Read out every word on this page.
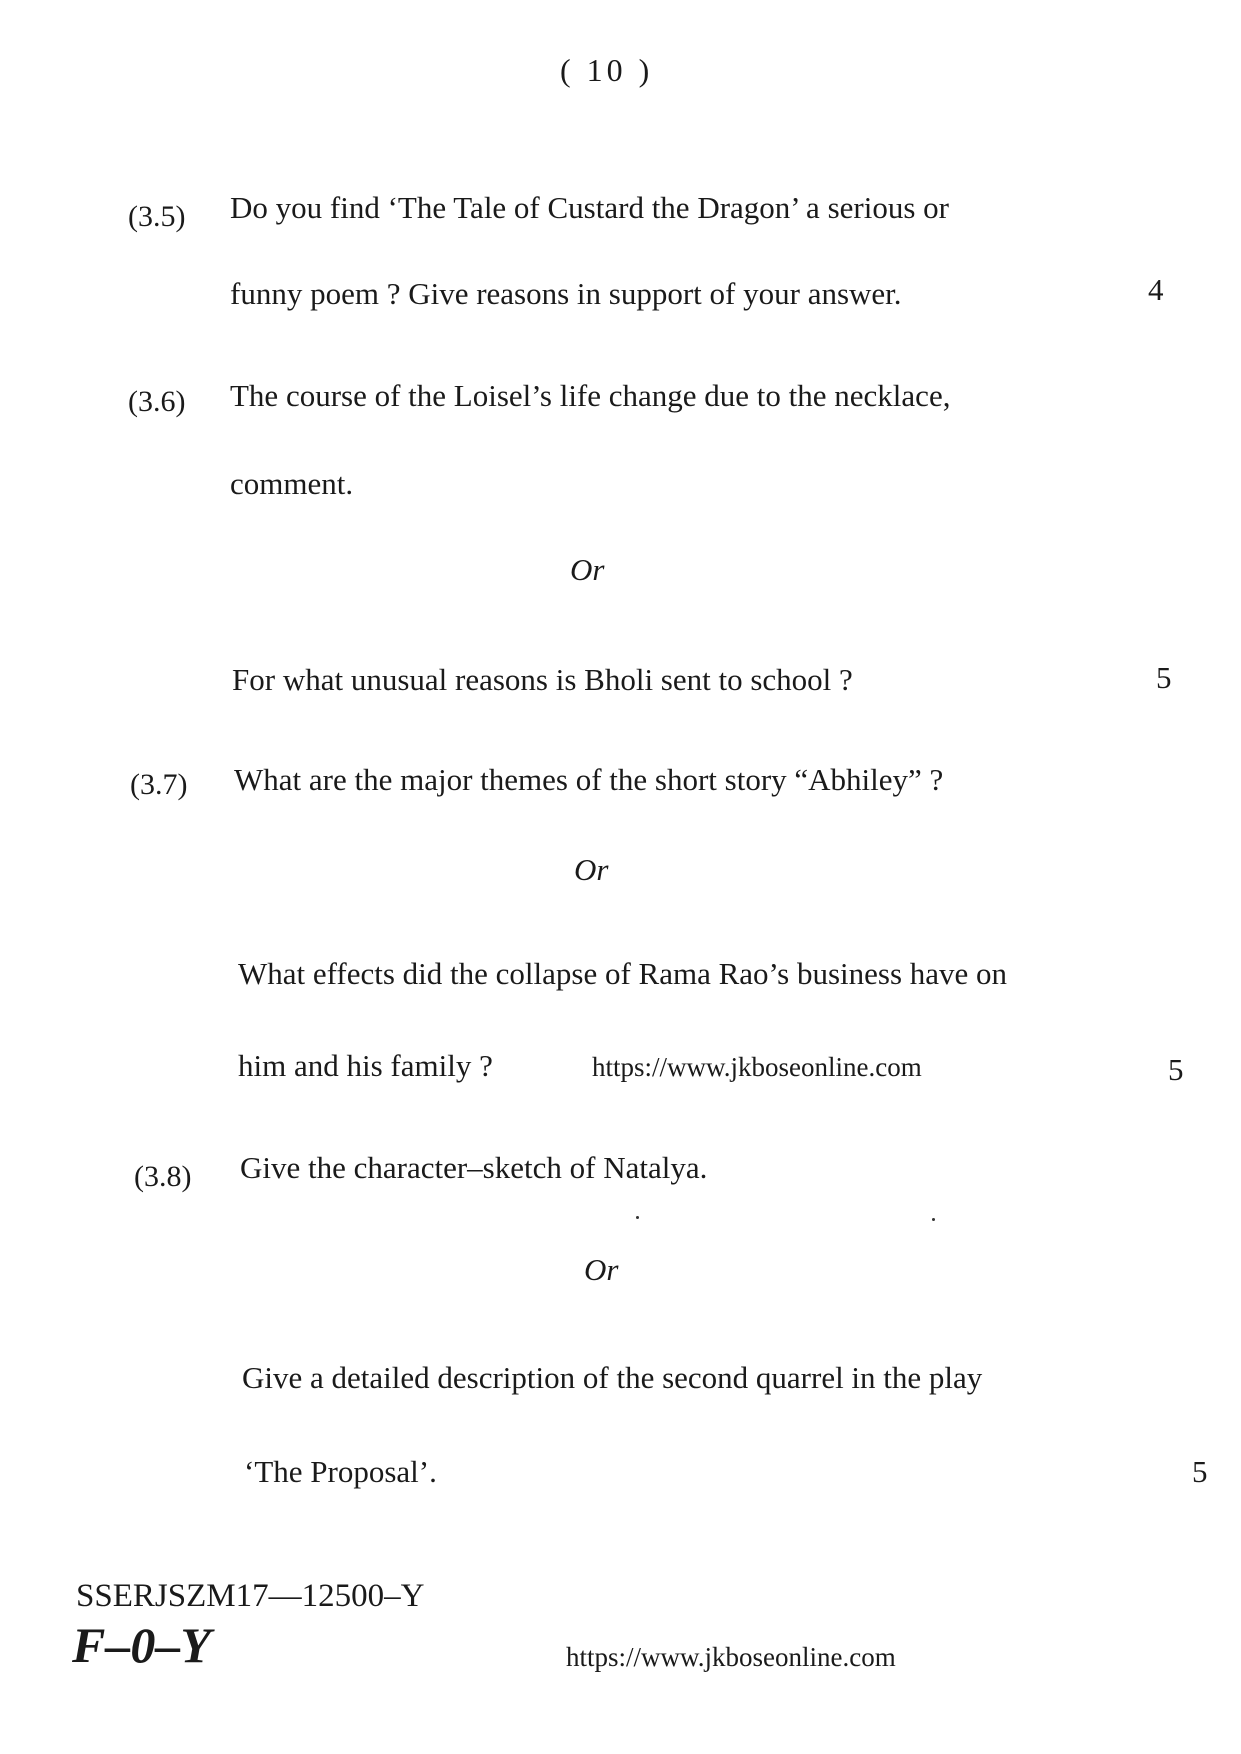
( 10 )
(3.5) Do you find ‘The Tale of Custard the Dragon’ a serious or
funny poem ? Give reasons in support of your answer.	4
(3.6) The course of the Loisel’s life change due to the necklace,
comment.
Or
For what unusual reasons is Bholi sent to school ?	5
(3.7) What are the major themes of the short story “Abhiley” ?
Or
What effects did the collapse of Rama Rao’s business have on
him and his family ?	https://www.jkboseonline.com	5
(3.8) Give the character–sketch of Natalya.
Or
Give a detailed description of the second quarrel in the play
‘The Proposal’.	5
SSERJSZM17—12500–Y
F–0–Y	https://www.jkboseonline.com
